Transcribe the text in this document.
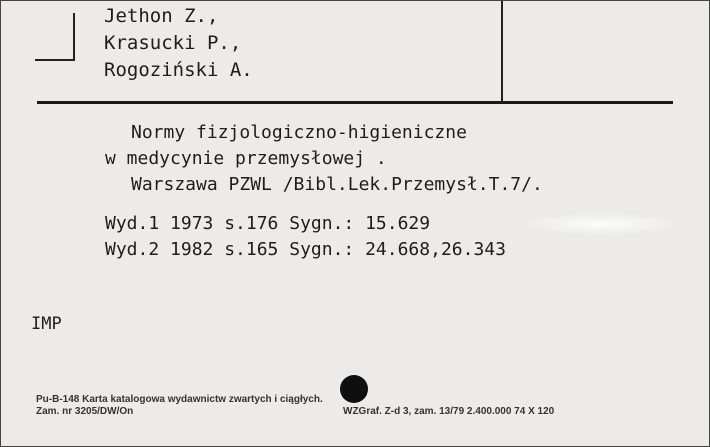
Jethon Z.,
Krasucki P.,
Rogoziński A.
Normy fizjologiczno-higieniczne
w medycynie przemysłowej .
Warszawa PZWL /Bibl.Lek.Przemysł.T.7/.
Wyd.1 1973 s.176 Sygn.: 15.629
Wyd.2 1982 s.165 Sygn.: 24.668,26.343
IMP
Pu-B-148 Karta katalogowa wydawnictw zwartych i ciągłych.
Zam. nr 3205/DW/On	WZGraf. Z-d 3, zam. 13/79 2.400.000 74 X 120
